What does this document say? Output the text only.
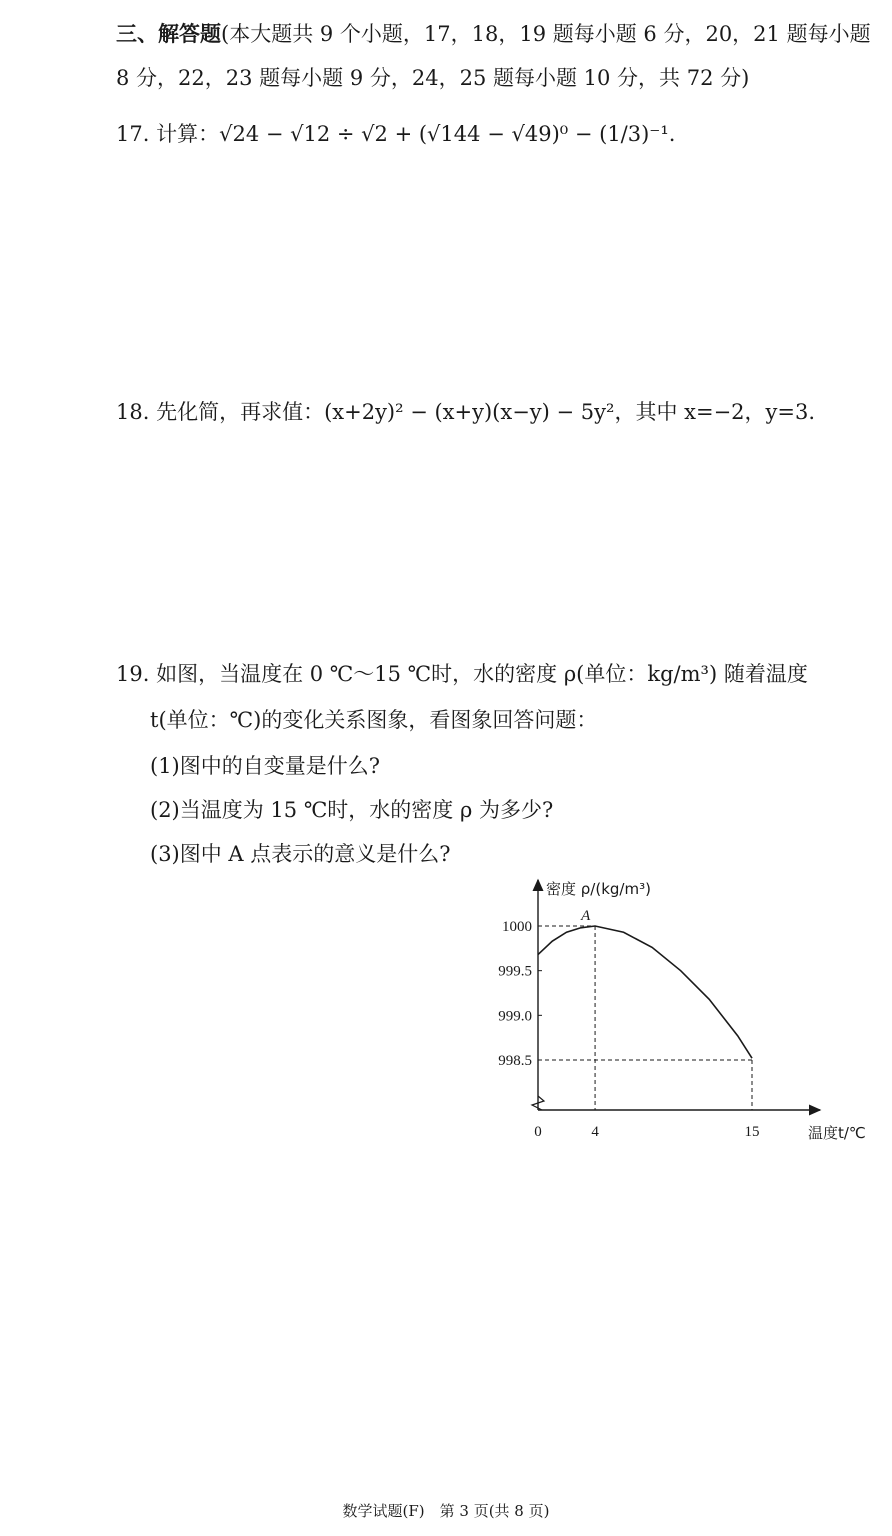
三、解答题(本大题共 9 个小题，17，18，19 题每小题 6 分，20，21 题每小题
8 分，22，23 题每小题 9 分，24，25 题每小题 10 分，共 72 分)
17. 计算：√24 − √12 ÷ √2 + (√144 − √49)⁰ − (1/3)⁻¹.
18. 先化简，再求值：(x+2y)² − (x+y)(x−y) − 5y²，其中 x=−2，y=3.
19. 如图，当温度在 0 ℃～15 ℃时，水的密度 ρ(单位：kg/m³) 随着温度
t(单位：℃)的变化关系图象，看图象回答问题：
(1)图中的自变量是什么?
(2)当温度为 15 ℃时，水的密度 ρ 为多少?
(3)图中 A 点表示的意义是什么?
1000
999.5
999.0
998.5
0	4	15
密度 ρ/(kg/m³)
温度t/℃
A
数学试题(F)　第 3 页(共 8 页)
